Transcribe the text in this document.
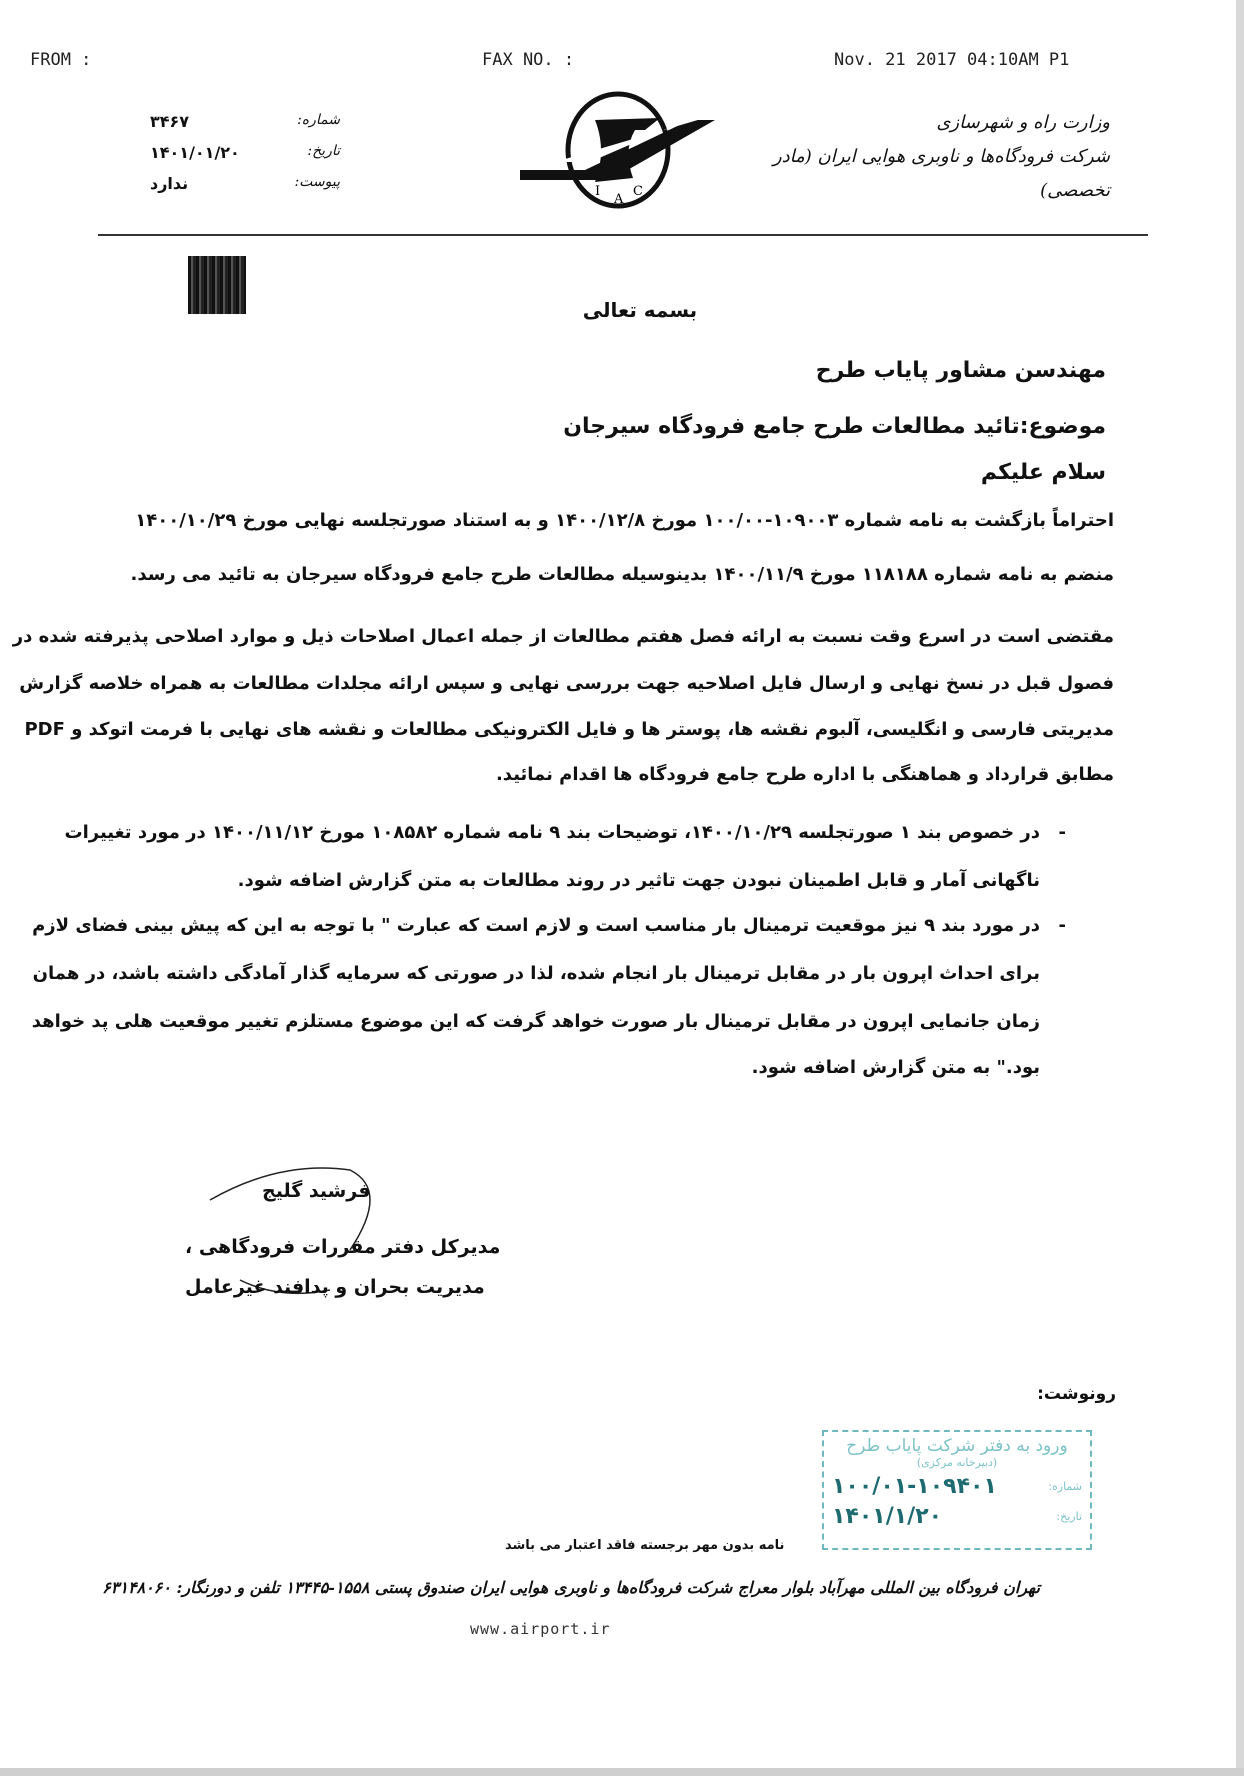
FROM :	FAX NO. :	Nov. 21 2017 04:10AM P1
وزارت راه و شهرسازی
شرکت فرودگاه‌ها و ناوبری هوایی ایران (مادر تخصصی)
I
A
C
شماره:
۳۴۶۷
تاریخ:
۱۴۰۱/۰۱/۲۰
پیوست:
ندارد
بسمه تعالی
مهندسن مشاور پایاب طرح
موضوع:تائید مطالعات طرح جامع فرودگاه سیرجان
سلام علیکم
احتراماً بازگشت به نامه شماره ۱۰۹۰۰۳-۱۰۰/۰۰ مورخ ۱۴۰۰/۱۲/۸ و به استناد صورتجلسه نهایی مورخ ۱۴۰۰/۱۰/۲۹
منضم به نامه شماره ۱۱۸۱۸۸ مورخ ۱۴۰۰/۱۱/۹ بدینوسیله مطالعات طرح جامع فرودگاه سیرجان به تائید می رسد.
مقتضی است در اسرع وقت نسبت به ارائه فصل هفتم مطالعات از جمله اعمال اصلاحات ذیل و موارد اصلاحی پذیرفته شده در
فصول قبل در نسخ نهایی و ارسال فایل اصلاحیه جهت بررسی نهایی و سپس ارائه مجلدات مطالعات به همراه خلاصه گزارش
مدیریتی فارسی و انگلیسی، آلبوم نقشه ها، پوستر ها و فایل الکترونیکی مطالعات و نقشه های نهایی با فرمت اتوکد و PDF
مطابق قرارداد و هماهنگی با اداره طرح جامع فرودگاه ها اقدام نمائید.
-
در خصوص بند ۱ صورتجلسه ۱۴۰۰/۱۰/۲۹، توضیحات بند ۹ نامه شماره ۱۰۸۵۸۲ مورخ ۱۴۰۰/۱۱/۱۲ در مورد تغییرات
ناگهانی آمار و قابل اطمینان نبودن جهت تاثیر در روند مطالعات به متن گزارش اضافه شود.
-
در مورد بند ۹ نیز موقعیت ترمینال بار مناسب است و لازم است که عبارت " با توجه به این که پیش بینی فضای لازم
برای احداث اپرون بار در مقابل ترمینال بار انجام شده، لذا در صورتی که سرمایه گذار آمادگی داشته باشد، در همان
زمان جانمایی اپرون در مقابل ترمینال بار صورت خواهد گرفت که این موضوع مستلزم تغییر موقعیت هلی پد خواهد
بود." به متن گزارش اضافه شود.
فرشید گلیج
مدیرکل دفتر مقررات فرودگاهی ،
مدیریت بحران و پدافند غیرعامل
رونوشت:
ورود به دفتر شرکت پایاب طرح
(دبیرخانه مرکزی)
شماره:
۱۰۰/۰۱-۱۰۹۴۰۱
تاریخ:
۱۴۰۱/۱/۲۰
نامه بدون مهر برجسته فاقد اعتبار می باشد
تهران فرودگاه بین المللی مهرآباد بلوار معراج شرکت فرودگاه‌ها و ناوبری هوایی ایران صندوق پستی ۱۵۵۸-۱۳۴۴۵ تلفن و دورنگار: ۶۳۱۴۸۰۶۰
www.airport.ir
